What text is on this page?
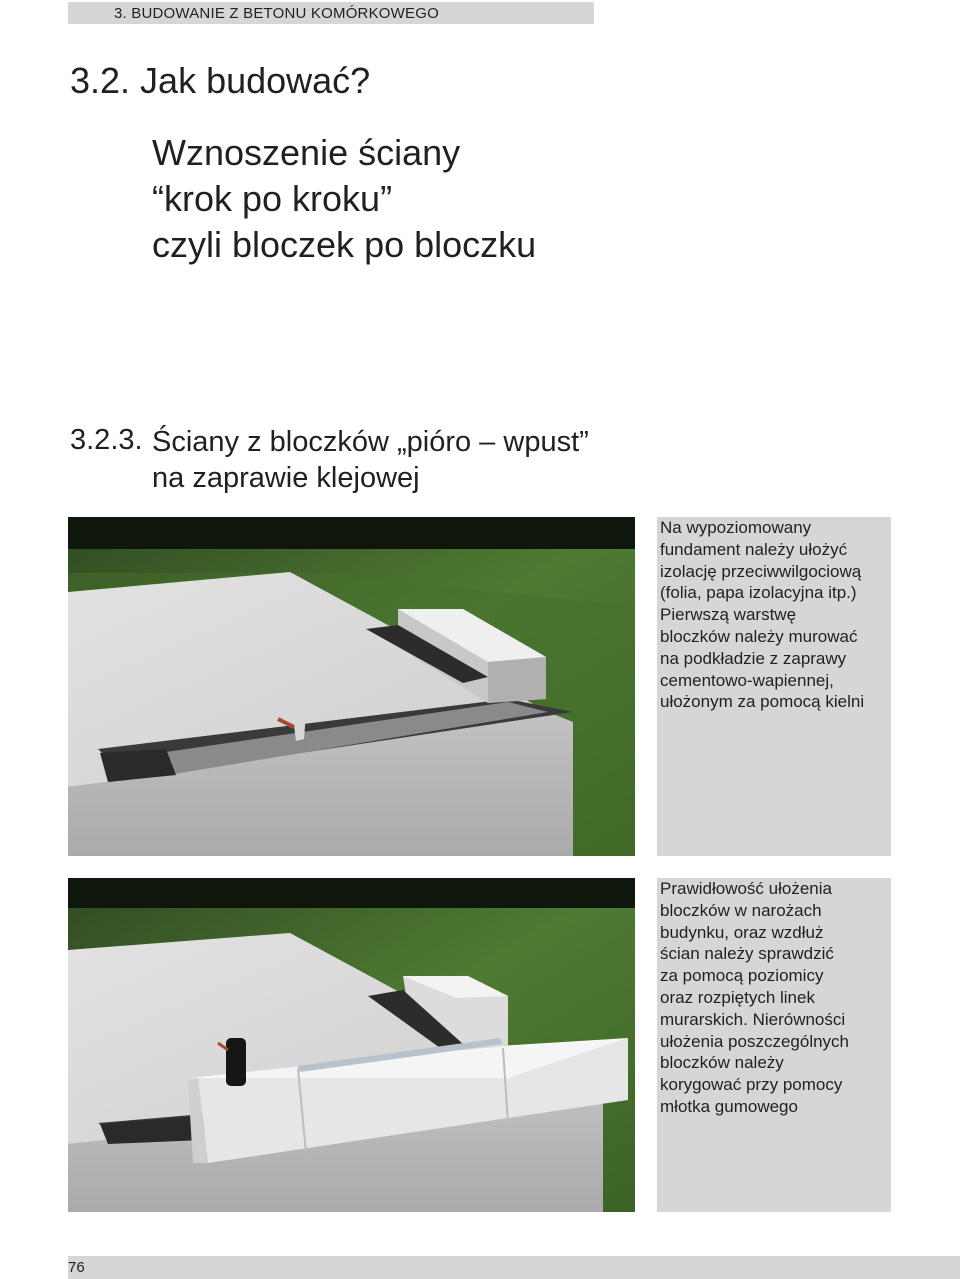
3. BUDOWANIE Z BETONU KOMÓRKOWEGO
3.2. Jak budować?
Wznoszenie ściany
“krok po kroku”
czyli bloczek po bloczku
3.2.3. Ściany z bloczków „pióro – wpust”
na zaprawie klejowej

Na wypoziomowany
fundament należy ułożyć
izolację przeciwwilgociową
(folia, papa izolacyjna itp.)
Pierwszą warstwę
bloczków należy murować
na podkładzie z zaprawy
cementowo-wapiennej,
ułożonym za pomocą kielni

Prawidłowość ułożenia
bloczków w narożach
budynku, oraz wzdłuż
ścian należy sprawdzić
za pomocą poziomicy
oraz rozpiętych linek
murarskich. Nierówności
ułożenia poszczególnych
bloczków należy
korygować przy pomocy
młotka gumowego

76
